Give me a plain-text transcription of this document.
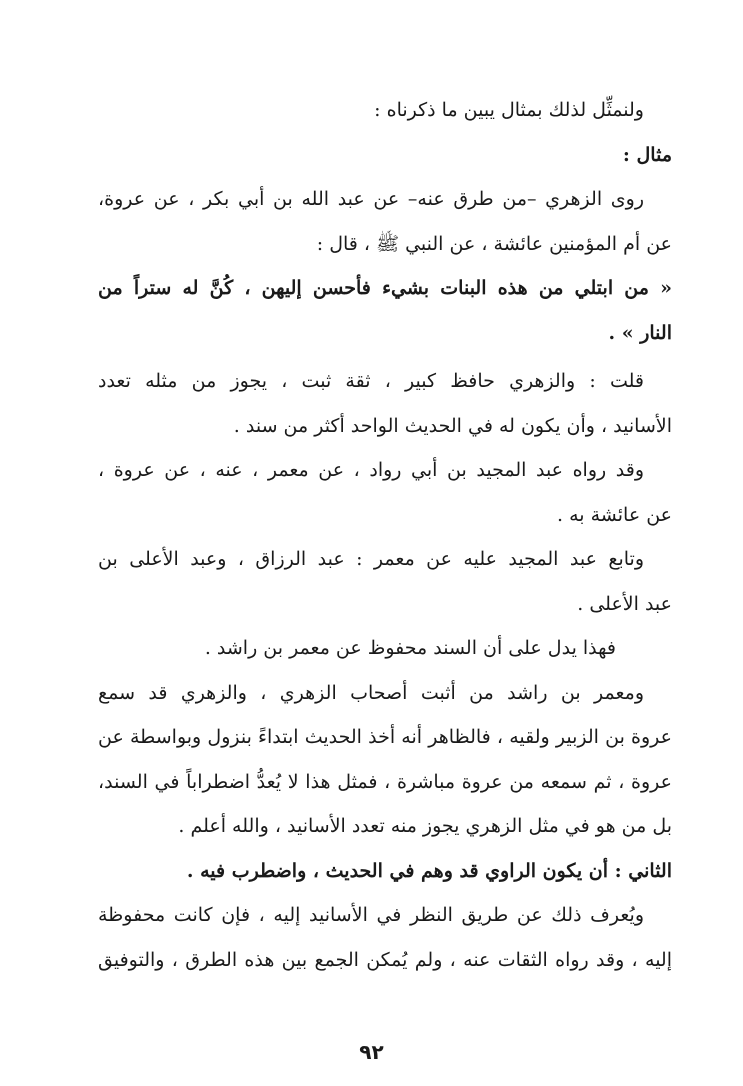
ولنمثِّل لذلك بمثال يبين ما ذكرناه :
مثال :
روى الزهري –من طرق عنه– عن عبد الله بن أبي بكر ، عن عروة،
عن أم المؤمنين عائشة ، عن النبي ﷺ ، قال :
« من ابتلي من هذه البنات بشيء فأحسن إليهن ، كُنَّ له ستراً من
النار » .
قلت : والزهري حافظ كبير ، ثقة ثبت ، يجوز من مثله تعدد
الأسانيد ، وأن يكون له في الحديث الواحد أكثر من سند .
وقد رواه عبد المجيد بن أبي رواد ، عن معمر ، عنه ، عن عروة ،
عن عائشة به .
وتابع عبد المجيد عليه عن معمر : عبد الرزاق ، وعبد الأعلى بن
عبد الأعلى .
فهذا يدل على أن السند محفوظ عن معمر بن راشد .
ومعمر بن راشد من أثبت أصحاب الزهري ، والزهري قد سمع
عروة بن الزبير ولقيه ، فالظاهر أنه أخذ الحديث ابتداءً بنزول وبواسطة عن
عروة ، ثم سمعه من عروة مباشرة ، فمثل هذا لا يُعدُّ اضطراباً في السند،
بل من هو في مثل الزهري يجوز منه تعدد الأسانيد ، والله أعلم .
الثاني : أن يكون الراوي قد وهم في الحديث ، واضطرب فيه .
ويُعرف ذلك عن طريق النظر في الأسانيد إليه ، فإن كانت محفوظة
إليه ، وقد رواه الثقات عنه ، ولم يُمكن الجمع بين هذه الطرق ، والتوفيق
٩٢
